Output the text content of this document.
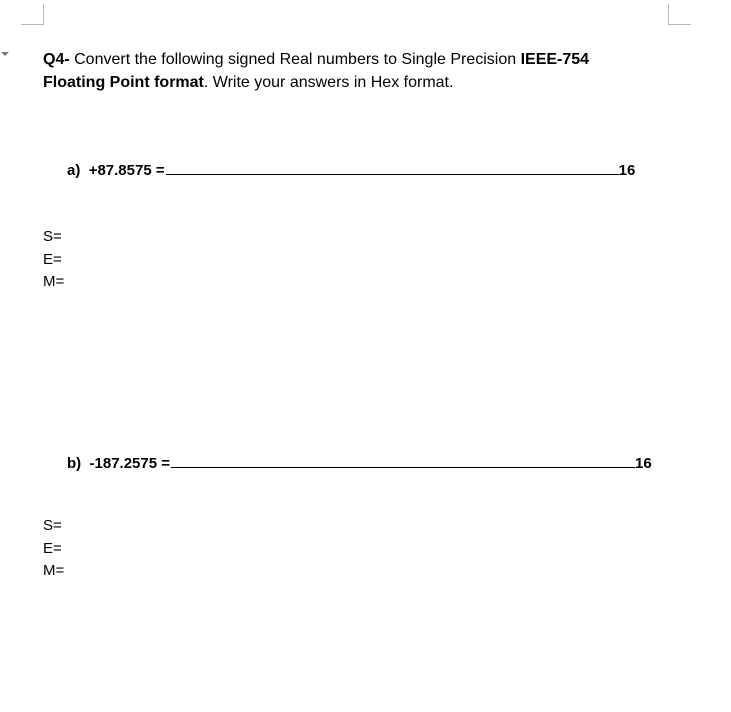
Q4- Convert the following signed Real numbers to Single Precision IEEE-754
Floating Point format. Write your answers in Hex format.
a)
+87.8575 =	16
S=
E=
M=
b)
-187.2575 =	16
S=
E=
M=
